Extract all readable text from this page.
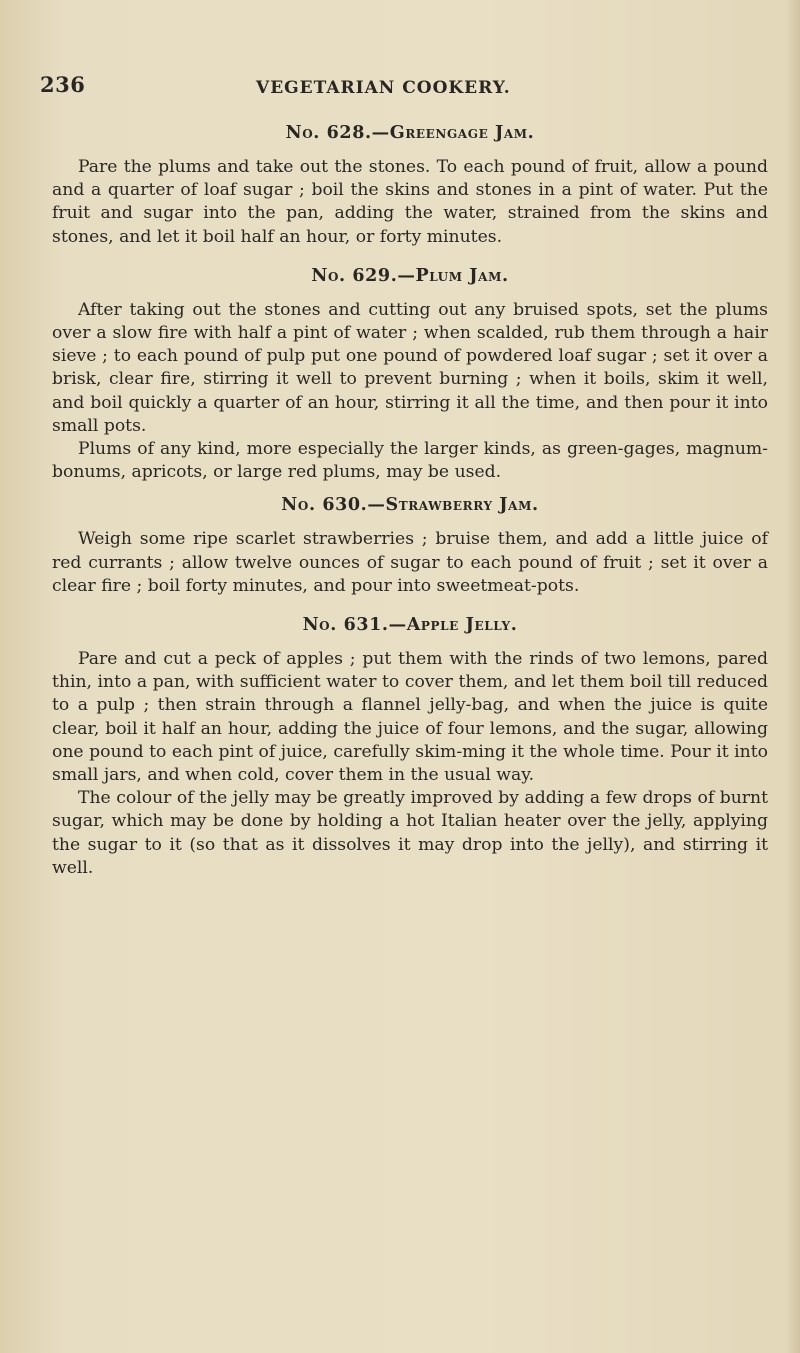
236	VEGETARIAN COOKERY.
No. 628.—Greengage Jam.

Pare the plums and take out the stones. To each pound of fruit, allow a pound and a quarter of loaf sugar ; boil the skins and stones in a pint of water. Put the fruit and sugar into the pan, adding the water, strained from the skins and stones, and let it boil half an hour, or forty minutes.

No. 629.—Plum Jam.

After taking out the stones and cutting out any bruised spots, set the plums over a slow fire with half a pint of water ; when scalded, rub them through a hair sieve ; to each pound of pulp put one pound of powdered loaf sugar ; set it over a brisk, clear fire, stirring it well to prevent burning ; when it boils, skim it well, and boil quickly a quarter of an hour, stirring it all the time, and then pour it into small pots.

Plums of any kind, more especially the larger kinds, as green-gages, magnum-bonums, apricots, or large red plums, may be used.

No. 630.—Strawberry Jam.

Weigh some ripe scarlet strawberries ; bruise them, and add a little juice of red currants ; allow twelve ounces of sugar to each pound of fruit ; set it over a clear fire ; boil forty minutes, and pour into sweetmeat-pots.

No. 631.—Apple Jelly.

Pare and cut a peck of apples ; put them with the rinds of two lemons, pared thin, into a pan, with sufficient water to cover them, and let them boil till reduced to a pulp ; then strain through a flannel jelly-bag, and when the juice is quite clear, boil it half an hour, adding the juice of four lemons, and the sugar, allowing one pound to each pint of juice, carefully skim-ming it the whole time. Pour it into small jars, and when cold, cover them in the usual way.

The colour of the jelly may be greatly improved by adding a few drops of burnt sugar, which may be done by holding a hot Italian heater over the jelly, applying the sugar to it (so that as it dissolves it may drop into the jelly), and stirring it well.
